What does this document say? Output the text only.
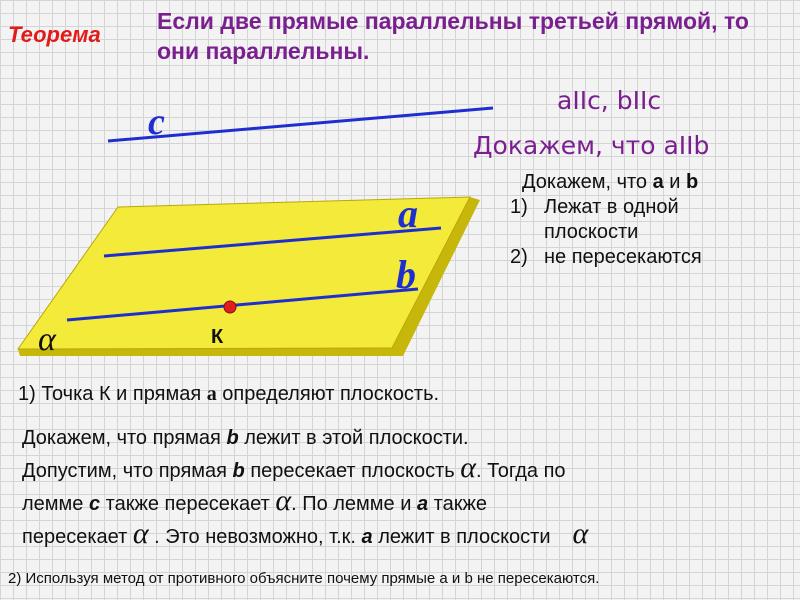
Теорема
Если две прямые параллельны третьей прямой, то они параллельны.
c
a
b
α	К
aIIc, bIIc
Докажем, что aIIb
Докажем, что a и b
1) Лежат в одной
плоскости
2) не пересекаются
1) Точка К и прямая a определяют плоскость.
Докажем, что прямая b лежит в этой плоскости.
Допустим, что прямая b пересекает плоскость α. Тогда по
лемме c также пересекает α. По лемме и a также
пересекает α . Это невозможно, т.к. a лежит в плоскости α
2) Используя метод от противного объясните почему прямые а и b не пересекаются.
